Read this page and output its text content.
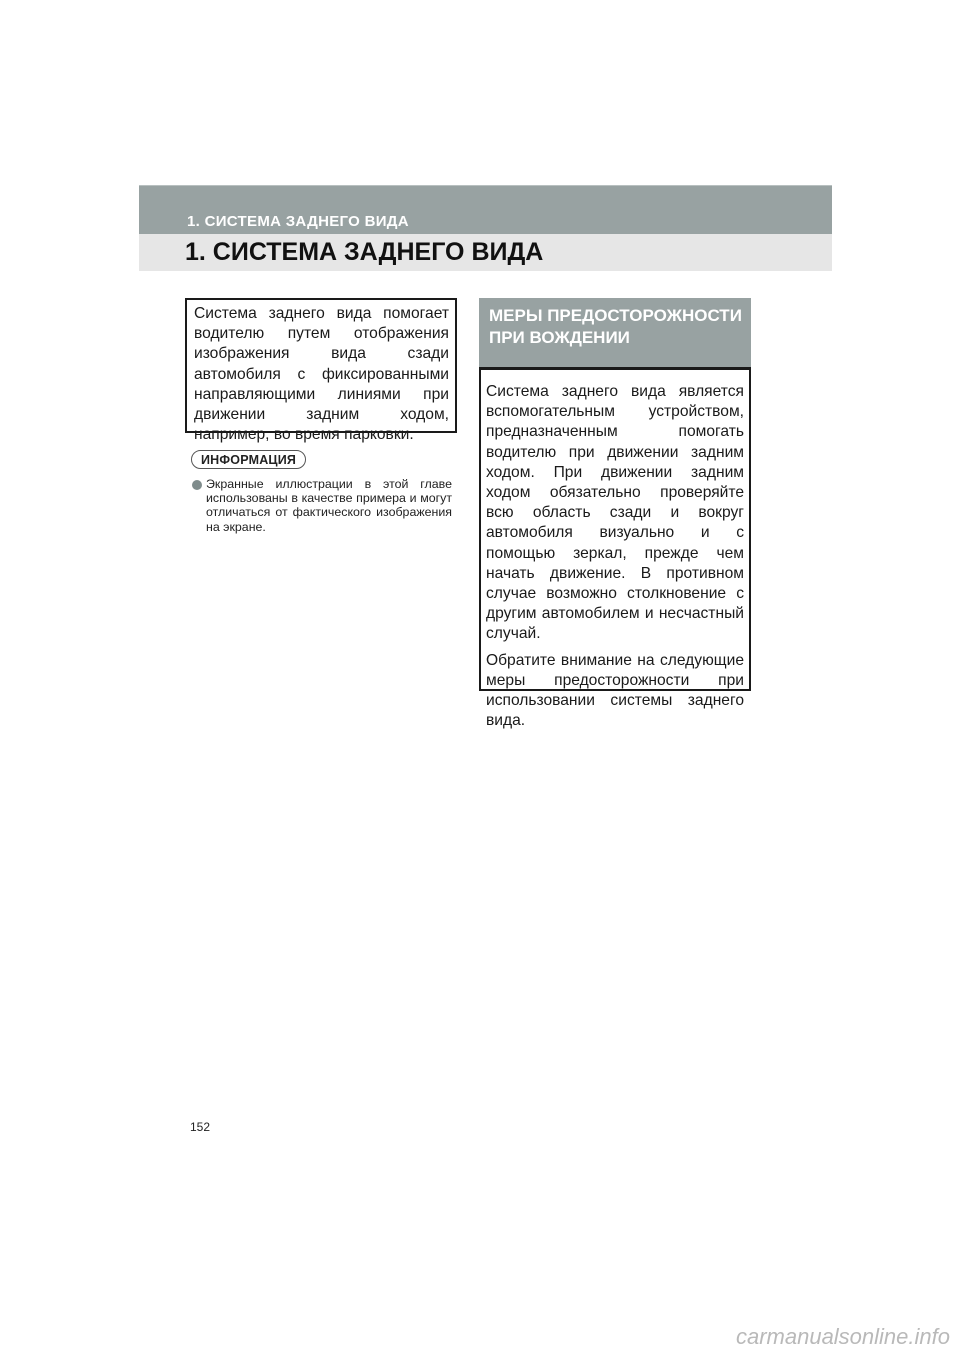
1. СИСТЕМА ЗАДНЕГО ВИДА
1. СИСТЕМА ЗАДНЕГО ВИДА

Система заднего вида помогает водителю путем отображения изображения вида сзади автомобиля с фиксированными направляющими линиями при движении задним ходом, например, во время парковки.

ИНФОРМАЦИЯ
Экранные иллюстрации в этой главе использованы в качестве примера и могут отличаться от фактического изображения на экране.
МЕРЫ ПРЕДОСТОРОЖНОСТИ ПРИ ВОЖДЕНИИ

Система заднего вида является вспомогательным устройством, предназначенным помогать водителю при движении задним ходом. При движении задним ходом обязательно проверяйте всю область сзади и вокруг автомобиля визуально и с помощью зеркал, прежде чем начать движение. В противном случае возможно столкновение с другим автомобилем и несчастный случай.

Обратите внимание на следующие меры предосторожности при использовании системы заднего вида.

152
carmanualsonline.info
